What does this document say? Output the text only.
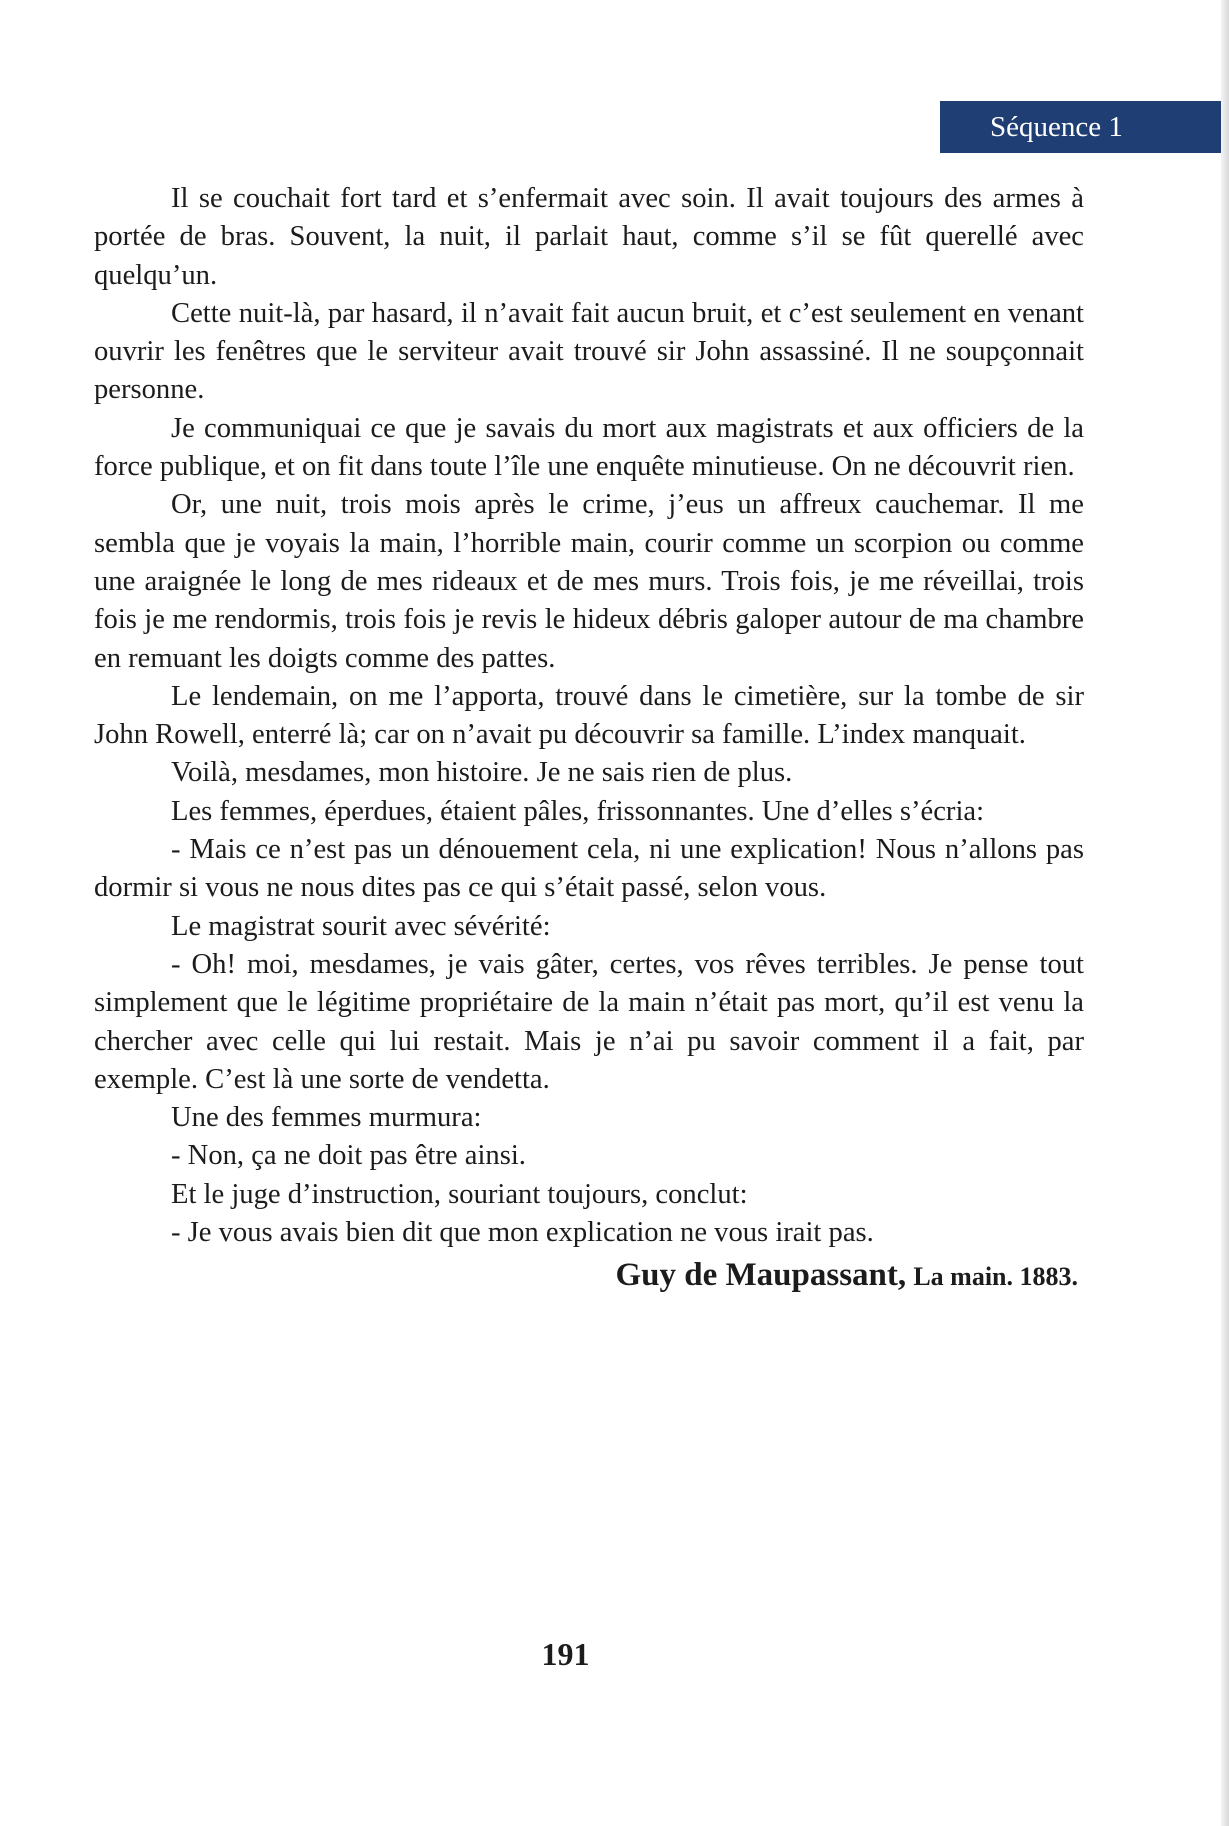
Séquence 1

Il se couchait fort tard et s’enfermait avec soin. Il avait toujours des armes à portée de bras. Souvent, la nuit, il parlait haut, comme s’il se fût querellé avec quelqu’un.

Cette nuit-là, par hasard, il n’avait fait aucun bruit, et c’est seulement en venant ouvrir les fenêtres que le serviteur avait trouvé sir John assassiné. Il ne soupçonnait personne.

Je communiquai ce que je savais du mort aux magistrats et aux officiers de la force publique, et on fit dans toute l’île une enquête minutieuse. On ne découvrit rien.

Or, une nuit, trois mois après le crime, j’eus un affreux cauchemar. Il me sembla que je voyais la main, l’horrible main, courir comme un scorpion ou comme une araignée le long de mes rideaux et de mes murs. Trois fois, je me réveillai, trois fois je me rendormis, trois fois je revis le hideux débris galoper autour de ma chambre en remuant les doigts comme des pattes.

Le lendemain, on me l’apporta, trouvé dans le cimetière, sur la tombe de sir John Rowell, enterré là; car on n’avait pu découvrir sa famille. L’index manquait.

Voilà, mesdames, mon histoire. Je ne sais rien de plus.

Les femmes, éperdues, étaient pâles, frissonnantes. Une d’elles s’écria:

- Mais ce n’est pas un dénouement cela, ni une explication! Nous n’allons pas dormir si vous ne nous dites pas ce qui s’était passé, selon vous.

Le magistrat sourit avec sévérité:

- Oh! moi, mesdames, je vais gâter, certes, vos rêves terribles. Je pense tout simplement que le légitime propriétaire de la main n’était pas mort, qu’il est venu la chercher avec celle qui lui restait. Mais je n’ai pu savoir comment il a fait, par exemple. C’est là une sorte de vendetta.

Une des femmes murmura:

- Non, ça ne doit pas être ainsi.

Et le juge d’instruction, souriant toujours, conclut:

- Je vous avais bien dit que mon explication ne vous irait pas.

Guy de Maupassant, La main. 1883.
191
